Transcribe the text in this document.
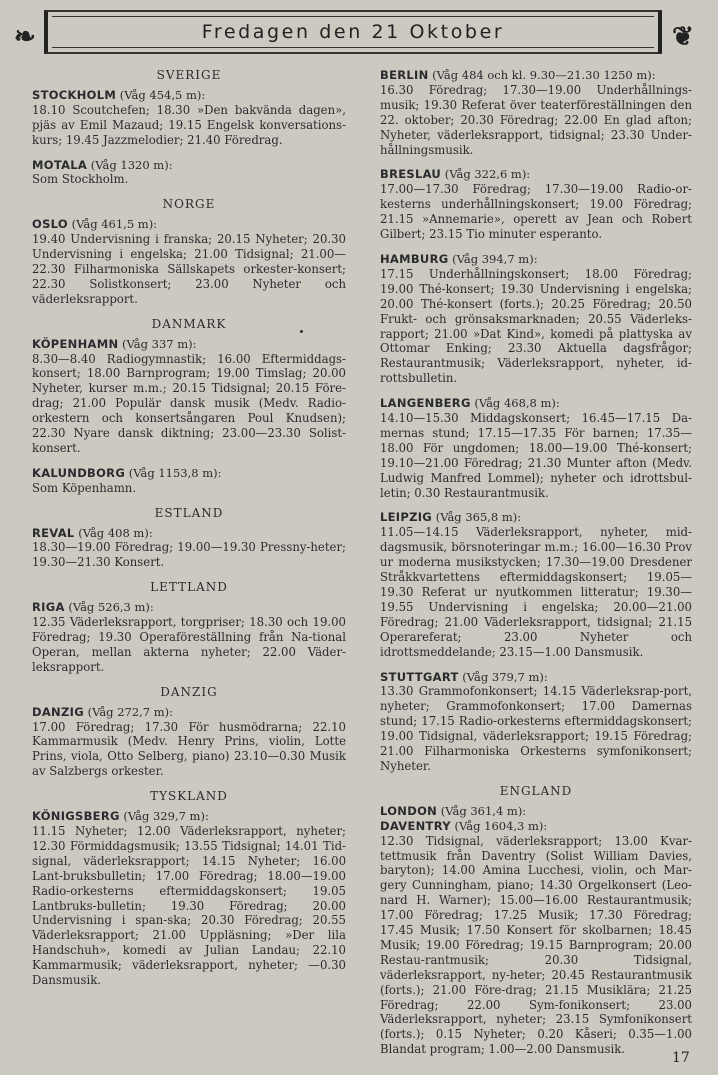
❧	Fredagen den 21 Oktober	❦
SVERIGE
STOCKHOLM (Våg 454,5 m):
18.10 Scoutchefen; 18.30 »Den bakvända dagen», pjäs av Emil Mazaud; 19.15 Engelsk konversations-kurs; 19.45 Jazzmelodier; 21.40 Föredrag.
MOTALA (Våg 1320 m):
Som Stockholm.
NORGE
OSLO (Våg 461,5 m):
19.40 Undervisning i franska; 20.15 Nyheter; 20.30 Undervisning i engelska; 21.00 Tidsignal; 21.00—22.30 Filharmoniska Sällskapets orkester-konsert; 22.30 Solistkonsert; 23.00 Nyheter och väderleksrapport.
DANMARK
KÖPENHAMN (Våg 337 m):
8.30—8.40 Radiogymnastik; 16.00 Eftermiddags-konsert; 18.00 Barnprogram; 19.00 Timslag; 20.00 Nyheter, kurser m.m.; 20.15 Tidsignal; 20.15 Före-drag; 21.00 Populär dansk musik (Medv. Radio-orkestern och konsertsångaren Poul Knudsen); 22.30 Nyare dansk diktning; 23.00—23.30 Solist-konsert.
KALUNDBORG (Våg 1153,8 m):
Som Köpenhamn.
ESTLAND
REVAL (Våg 408 m):
18.30—19.00 Föredrag; 19.00—19.30 Pressny-heter; 19.30—21.30 Konsert.
LETTLAND
RIGA (Våg 526,3 m):
12.35 Väderleksrapport, torgpriser; 18.30 och 19.00 Föredrag; 19.30 Operaföreställning från Na-tional Operan, mellan akterna nyheter; 22.00 Väder-leksrapport.
DANZIG
DANZIG (Våg 272,7 m):
17.00 Föredrag; 17.30 För husmödrarna; 22.10 Kammarmusik (Medv. Henry Prins, violin, Lotte Prins, viola, Otto Selberg, piano) 23.10—0.30 Musik av Salzbergs orkester.
TYSKLAND
KÖNIGSBERG (Våg 329,7 m):
11.15 Nyheter; 12.00 Väderleksrapport, nyheter; 12.30 Förmiddagsmusik; 13.55 Tidsignal; 14.01 Tid-signal, väderleksrapport; 14.15 Nyheter; 16.00 Lant-bruksbulletin; 17.00 Föredrag; 18.00—19.00 Radio-orkesterns eftermiddagskonsert; 19.05 Lantbruks-bulletin; 19.30 Föredrag; 20.00 Undervisning i span-ska; 20.30 Föredrag; 20.55 Väderleksrapport; 21.00 Uppläsning; »Der lila Handschuh», komedi av Julian Landau; 22.10 Kammarmusik; väderleksrapport, nyheter; —0.30 Dansmusik.
BERLIN (Våg 484 och kl. 9.30—21.30 1250 m):
16.30 Föredrag; 17.30—19.00 Underhållnings-musik; 19.30 Referat över teaterföreställningen den 22. oktober; 20.30 Föredrag; 22.00 En glad afton; Nyheter, väderleksrapport, tidsignal; 23.30 Under-hållningsmusik.
BRESLAU (Våg 322,6 m):
17.00—17.30 Föredrag; 17.30—19.00 Radio-or-kesterns underhållningskonsert; 19.00 Föredrag; 21.15 »Annemarie», operett av Jean och Robert Gilbert; 23.15 Tio minuter esperanto.
HAMBURG (Våg 394,7 m):
17.15 Underhållningskonsert; 18.00 Föredrag; 19.00 Thé-konsert; 19.30 Undervisning i engelska; 20.00 Thé-konsert (forts.); 20.25 Föredrag; 20.50 Frukt- och grönsaksmarknaden; 20.55 Väderleks-rapport; 21.00 »Dat Kind», komedi på plattyska av Ottomar Enking; 23.30 Aktuella dagsfrågor; Restaurantmusik; Väderleksrapport, nyheter, id-rottsbulletin.
LANGENBERG (Våg 468,8 m):
14.10—15.30 Middagskonsert; 16.45—17.15 Da-mernas stund; 17.15—17.35 För barnen; 17.35—18.00 För ungdomen; 18.00—19.00 Thé-konsert; 19.10—21.00 Föredrag; 21.30 Munter afton (Medv. Ludwig Manfred Lommel); nyheter och idrottsbul-letin; 0.30 Restaurantmusik.
LEIPZIG (Våg 365,8 m):
11.05—14.15 Väderleksrapport, nyheter, mid-dagsmusik, börsnoteringar m.m.; 16.00—16.30 Prov ur moderna musikstycken; 17.30—19.00 Dresdener Stråkkvartettens eftermiddagskonsert; 19.05—19.30 Referat ur nyutkommen litteratur; 19.30—19.55 Undervisning i engelska; 20.00—21.00 Föredrag; 21.00 Väderleksrapport, tidsignal; 21.15 Operareferat; 23.00 Nyheter och idrottsmeddelande; 23.15—1.00 Dansmusik.
STUTTGART (Våg 379,7 m):
13.30 Grammofonkonsert; 14.15 Väderleksrap-port, nyheter; Grammofonkonsert; 17.00 Damernas stund; 17.15 Radio-orkesterns eftermiddagskonsert; 19.00 Tidsignal, väderleksrapport; 19.15 Föredrag; 21.00 Filharmoniska Orkesterns symfonikonsert; Nyheter.
ENGLAND
LONDON (Våg 361,4 m):
DAVENTRY (Våg 1604,3 m):
12.30 Tidsignal, väderleksrapport; 13.00 Kvar-tettmusik från Daventry (Solist William Davies, baryton); 14.00 Amina Lucchesi, violin, och Mar-gery Cunningham, piano; 14.30 Orgelkonsert (Leo-nard H. Warner); 15.00—16.00 Restaurantmusik; 17.00 Föredrag; 17.25 Musik; 17.30 Föredrag; 17.45 Musik; 17.50 Konsert för skolbarnen; 18.45 Musik; 19.00 Föredrag; 19.15 Barnprogram; 20.00 Restau-rantmusik; 20.30 Tidsignal, väderleksrapport, ny-heter; 20.45 Restaurantmusik (forts.); 21.00 Före-drag; 21.15 Musiklära; 21.25 Föredrag; 22.00 Sym-fonikonsert; 23.00 Väderleksrapport, nyheter; 23.15 Symfonikonsert (forts.); 0.15 Nyheter; 0.20 Kåseri; 0.35—1.00 Blandat program; 1.00—2.00 Dansmusik.
17
